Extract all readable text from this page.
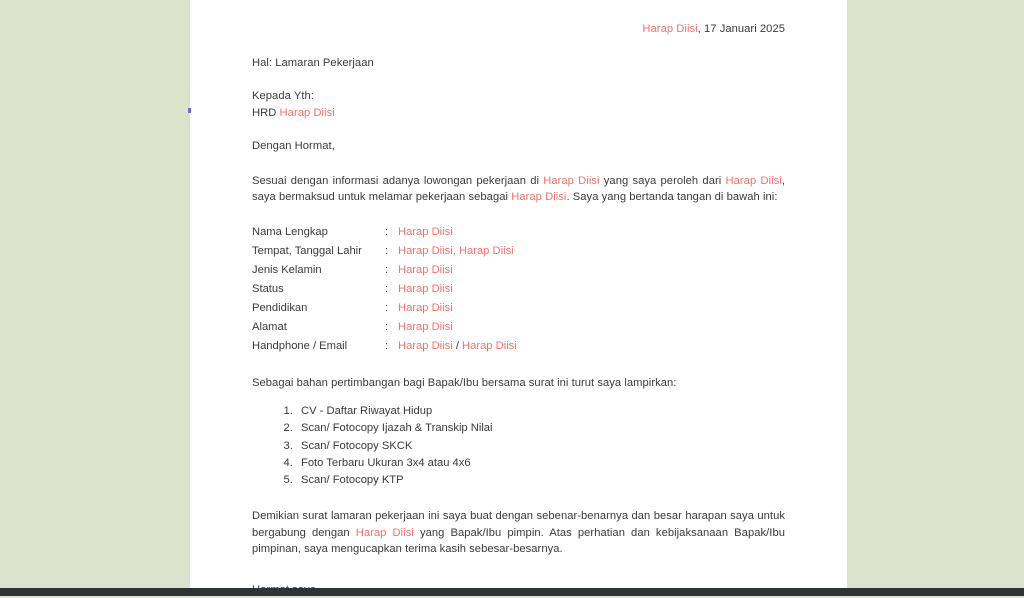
Harap Diisi, 17 Januari 2025
Hal: Lamaran Pekerjaan
Kepada Yth:
HRD Harap Diisi
Dengan Hormat,
Sesuai dengan informasi adanya lowongan pekerjaan di Harap Diisi yang saya peroleh dari Harap Diisi, saya bermaksud untuk melamar pekerjaan sebagai Harap Diisi. Saya yang bertanda tangan di bawah ini:
Nama Lengkap	:	Harap Diisi
Tempat, Tanggal Lahir	:	Harap Diisi, Harap Diisi
Jenis Kelamin	:	Harap Diisi
Status	:	Harap Diisi
Pendidikan	:	Harap Diisi
Alamat	:	Harap Diisi
Handphone / Email	:	Harap Diisi / Harap Diisi
Sebagai bahan pertimbangan bagi Bapak/Ibu bersama surat ini turut saya lampirkan:
1. CV - Daftar Riwayat Hidup
2. Scan/ Fotocopy Ijazah & Transkip Nilai
3. Scan/ Fotocopy SKCK
4. Foto Terbaru Ukuran 3x4 atau 4x6
5. Scan/ Fotocopy KTP
Demikian surat lamaran pekerjaan ini saya buat dengan sebenar-benarnya dan besar harapan saya untuk bergabung dengan Harap Diisi yang Bapak/Ibu pimpin. Atas perhatian dan kebijaksanaan Bapak/Ibu pimpinan, saya mengucapkan terima kasih sebesar-besarnya.
